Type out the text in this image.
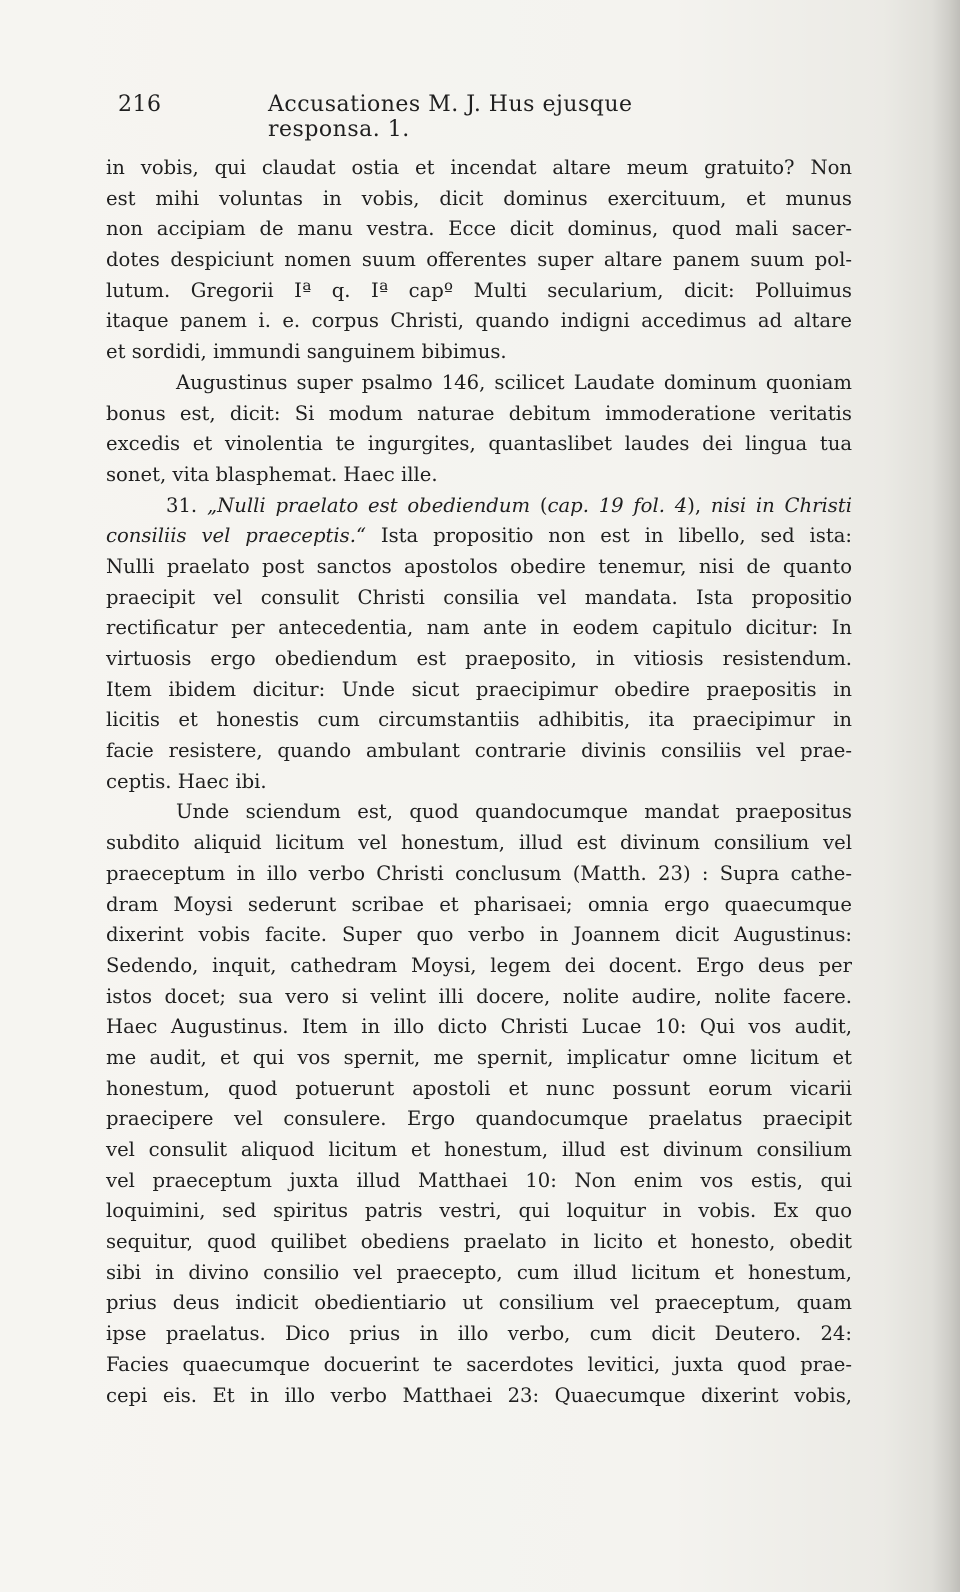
216	Accusationes M. J. Hus ejusque responsa. 1.
in vobis, qui claudat ostia et incendat altare meum gratuito? Non
est mihi voluntas in vobis, dicit dominus exercituum, et munus
non accipiam de manu vestra. Ecce dicit dominus, quod mali sacer-
dotes despiciunt nomen suum offerentes super altare panem suum pol-
lutum. Gregorii Iª q. Iª capº Multi secularium, dicit: Polluimus
itaque panem i. e. corpus Christi, quando indigni accedimus ad altare
et sordidi, immundi sanguinem bibimus.
Augustinus super psalmo 146, scilicet Laudate dominum quoniam
bonus est, dicit: Si modum naturae debitum immoderatione veritatis
excedis et vinolentia te ingurgites, quantaslibet laudes dei lingua tua
sonet, vita blasphemat. Haec ille.
31. „Nulli praelato est obediendum (cap. 19 fol. 4), nisi in Christi
consiliis vel praeceptis.“ Ista propositio non est in libello, sed ista:
Nulli praelato post sanctos apostolos obedire tenemur, nisi de quanto
praecipit vel consulit Christi consilia vel mandata. Ista propositio
rectificatur per antecedentia, nam ante in eodem capitulo dicitur: In
virtuosis ergo obediendum est praeposito, in vitiosis resistendum.
Item ibidem dicitur: Unde sicut praecipimur obedire praepositis in
licitis et honestis cum circumstantiis adhibitis, ita praecipimur in
facie resistere, quando ambulant contrarie divinis consiliis vel prae-
ceptis. Haec ibi.
Unde sciendum est, quod quandocumque mandat praepositus
subdito aliquid licitum vel honestum, illud est divinum consilium vel
praeceptum in illo verbo Christi conclusum (Matth. 23) : Supra cathe-
dram Moysi sederunt scribae et pharisaei; omnia ergo quaecumque
dixerint vobis facite. Super quo verbo in Joannem dicit Augustinus:
Sedendo, inquit, cathedram Moysi, legem dei docent. Ergo deus per
istos docet; sua vero si velint illi docere, nolite audire, nolite facere.
Haec Augustinus. Item in illo dicto Christi Lucae 10: Qui vos audit,
me audit, et qui vos spernit, me spernit, implicatur omne licitum et
honestum, quod potuerunt apostoli et nunc possunt eorum vicarii
praecipere vel consulere. Ergo quandocumque praelatus praecipit
vel consulit aliquod licitum et honestum, illud est divinum consilium
vel praeceptum juxta illud Matthaei 10: Non enim vos estis, qui
loquimini, sed spiritus patris vestri, qui loquitur in vobis. Ex quo
sequitur, quod quilibet obediens praelato in licito et honesto, obedit
sibi in divino consilio vel praecepto, cum illud licitum et honestum,
prius deus indicit obedientiario ut consilium vel praeceptum, quam
ipse praelatus. Dico prius in illo verbo, cum dicit Deutero. 24:
Facies quaecumque docuerint te sacerdotes levitici, juxta quod prae-
cepi eis. Et in illo verbo Matthaei 23: Quaecumque dixerint vobis,
